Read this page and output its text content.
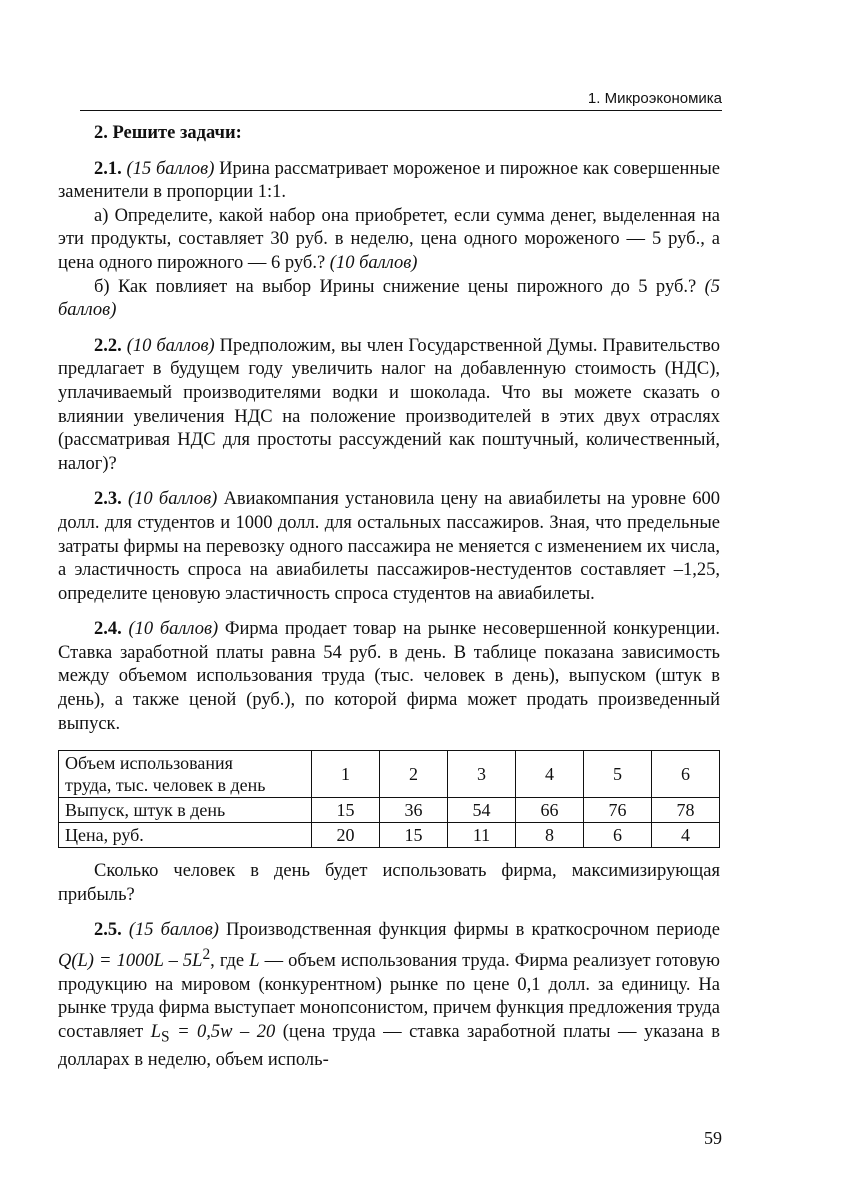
1. Микроэкономика
2. Решите задачи:

2.1. (15 баллов) Ирина рассматривает мороженое и пирожное как совершенные заменители в пропорции 1:1.

а) Определите, какой набор она приобретет, если сумма денег, выделенная на эти продукты, составляет 30 руб. в неделю, цена одного мороженого — 5 руб., а цена одного пирожного — 6 руб.? (10 баллов)

б) Как повлияет на выбор Ирины снижение цены пирожного до 5 руб.? (5 баллов)

2.2. (10 баллов) Предположим, вы член Государственной Думы. Правительство предлагает в будущем году увеличить налог на добавленную стоимость (НДС), уплачиваемый производителями водки и шоколада. Что вы можете сказать о влиянии увеличения НДС на положение производителей в этих двух отраслях (рассматривая НДС для простоты рассуждений как поштучный, количественный, налог)?

2.3. (10 баллов) Авиакомпания установила цену на авиабилеты на уровне 600 долл. для студентов и 1000 долл. для остальных пассажиров. Зная, что предельные затраты фирмы на перевозку одного пассажира не меняется с изменением их числа, а эластичность спроса на авиабилеты пассажиров-нестудентов составляет –1,25, определите ценовую эластичность спроса студентов на авиабилеты.

2.4. (10 баллов) Фирма продает товар на рынке несовершенной конкуренции. Ставка заработной платы равна 54 руб. в день. В таблице показана зависимость между объемом использования труда (тыс. человек в день), выпуском (штук в день), а также ценой (руб.), по которой фирма может продать произведенный выпуск.

Объем использования
труда, тыс. человек в день	1	2	3	4	5	6
Выпуск, штук в день	15	36	54	66	76	78
Цена, руб.	20	15	11	8	6	4

Сколько человек в день будет использовать фирма, максимизирующая прибыль?

2.5. (15 баллов) Производственная функция фирмы в краткосрочном периоде $Q(L) = 1000L - 5L^2$, где L — объем использования труда. Фирма реализует готовую продукцию на мировом (конкурентном) рынке по цене 0,1 долл. за единицу. На рынке труда фирма выступает монопсонистом, причем функция предложения труда составляет $L_S = 0,5w - 20$ (цена труда — ставка заработной платы — указана в долларах в неделю, объем исполь-

59
